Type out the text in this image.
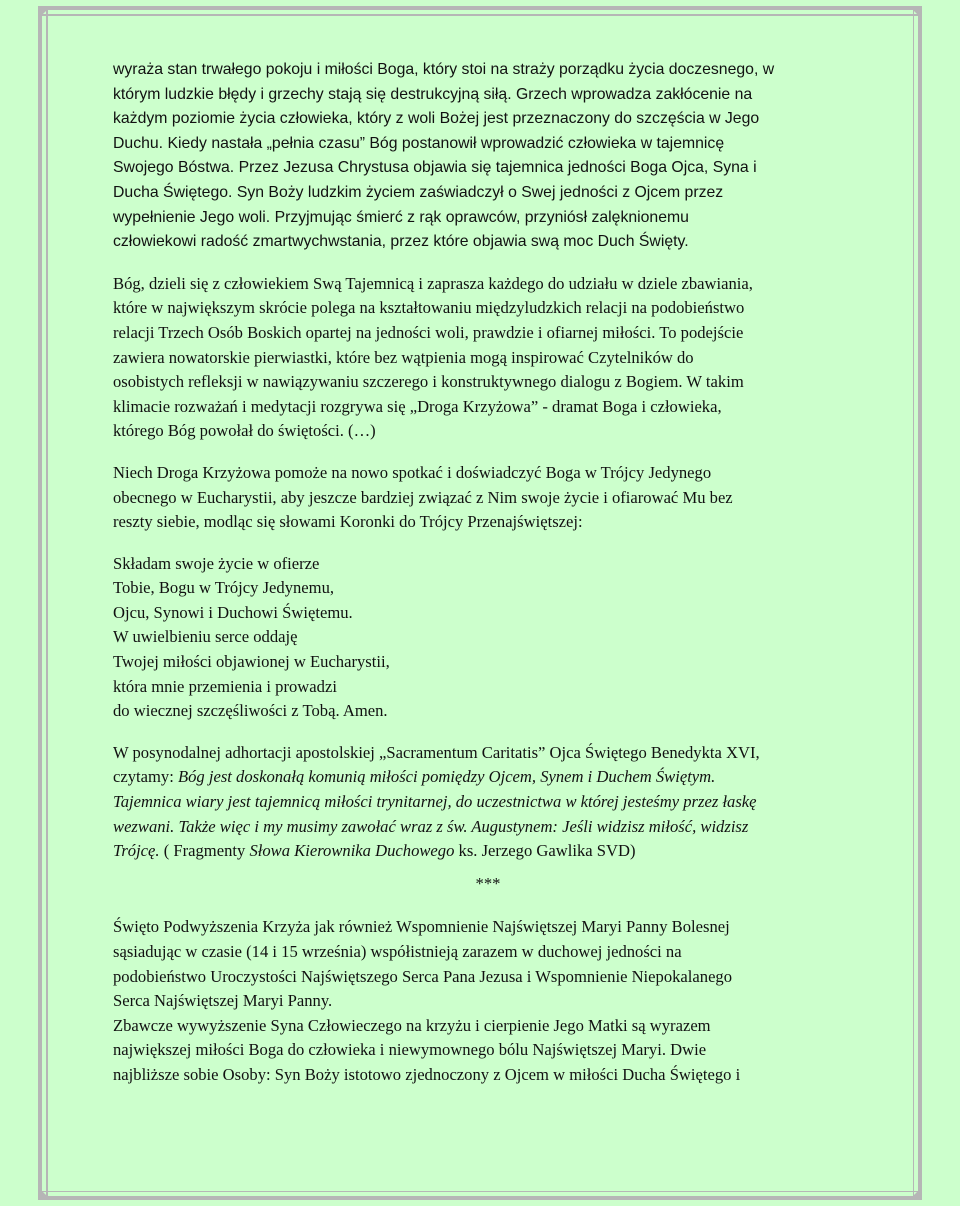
wyraża stan trwałego pokoju i miłości Boga, który stoi na straży porządku życia doczesnego, w
którym ludzkie błędy i grzechy stają się destrukcyjną siłą. Grzech wprowadza zakłócenie na
każdym poziomie życia człowieka, który z woli Bożej jest przeznaczony do szczęścia w Jego
Duchu. Kiedy nastała „pełnia czasu” Bóg postanowił wprowadzić człowieka w tajemnicę
Swojego Bóstwa. Przez Jezusa Chrystusa objawia się tajemnica jedności Boga Ojca, Syna i
Ducha Świętego. Syn Boży ludzkim życiem zaświadczył o Swej jedności z Ojcem przez
wypełnienie Jego woli. Przyjmując śmierć z rąk oprawców, przyniósł zalęknionemu
człowiekowi radość zmartwychwstania, przez które objawia swą moc Duch Święty.

Bóg, dzieli się z człowiekiem Swą Tajemnicą i zaprasza każdego do udziału w dziele zbawiania,
które w największym skrócie polega na kształtowaniu międzyludzkich relacji na podobieństwo
relacji Trzech Osób Boskich opartej na jedności woli, prawdzie i ofiarnej miłości. To podejście
zawiera nowatorskie pierwiastki, które bez wątpienia mogą inspirować Czytelników do
osobistych refleksji w nawiązywaniu szczerego i konstruktywnego dialogu z Bogiem. W takim
klimacie rozważań i medytacji rozgrywa się „Droga Krzyżowa” - dramat Boga i człowieka,
którego Bóg powołał do świętości. (…)

Niech Droga Krzyżowa pomoże na nowo spotkać i doświadczyć Boga w Trójcy Jedynego
obecnego w Eucharystii, aby jeszcze bardziej związać z Nim swoje życie i ofiarować Mu bez
reszty siebie, modląc się słowami Koronki do Trójcy Przenajświętszej:

Składam swoje życie w ofierze
Tobie, Bogu w Trójcy Jedynemu,
Ojcu, Synowi i Duchowi Świętemu.
W uwielbieniu serce oddaję
Twojej miłości objawionej w Eucharystii,
która mnie przemienia i prowadzi
do wiecznej szczęśliwości z Tobą. Amen.

W posynodalnej adhortacji apostolskiej „Sacramentum Caritatis” Ojca Świętego Benedykta XVI,
czytamy: Bóg jest doskonałą komunią miłości pomiędzy Ojcem, Synem i Duchem Świętym.
Tajemnica wiary jest tajemnicą miłości trynitarnej, do uczestnictwa w której jesteśmy przez łaskę
wezwani. Także więc i my musimy zawołać wraz z św. Augustynem: Jeśli widzisz miłość, widzisz
Trójcę. ( Fragmenty Słowa Kierownika Duchowego ks. Jerzego Gawlika SVD)

***

Święto Podwyższenia Krzyża jak również Wspomnienie Najświętszej Maryi Panny Bolesnej
sąsiadując w czasie (14 i 15 września) współistnieją zarazem w duchowej jedności na
podobieństwo Uroczystości Najświętszego Serca Pana Jezusa i Wspomnienie Niepokalanego
Serca Najświętszej Maryi Panny.
Zbawcze wywyższenie Syna Człowieczego na krzyżu i cierpienie Jego Matki są wyrazem
największej miłości Boga do człowieka i niewymownego bólu Najświętszej Maryi. Dwie
najbliższe sobie Osoby: Syn Boży istotowo zjednoczony z Ojcem w miłości Ducha Świętego i
